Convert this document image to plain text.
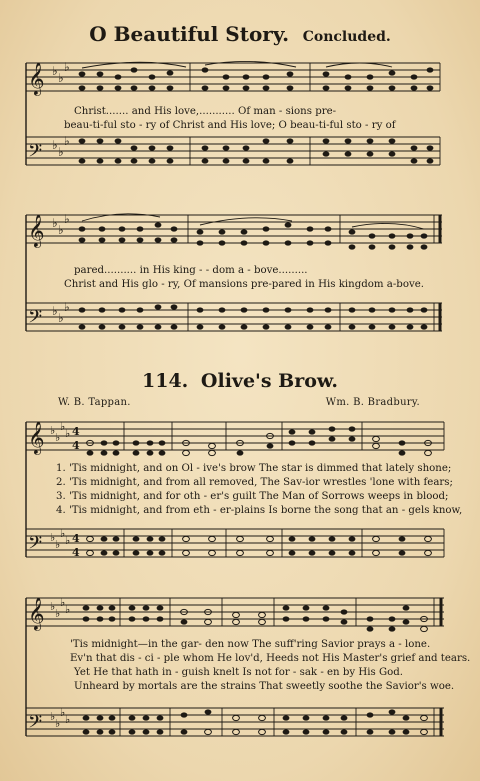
O Beautiful Story. Concluded.
𝄞
𝄢
♭ ♭
♭
♭ ♭
♭
Christ....... and His love,........... Of man - sions pre-
beau-ti-ful sto - ry of Christ and His love; O beau-ti-ful sto - ry of
𝄞
𝄢
♭ ♭
♭
♭ ♭
♭
pared.......... in His king - - dom a - bove.........
Christ and His glo - ry, Of mansions pre-pared in His kingdom a-bove.
114. Olive's Brow.
W. B. Tappan.	Wm. B. Bradbury.
𝄞
𝄢
♭
♭
♭
♭
♭
♭
♭
♭
4
4
4
4
1. 'Tis midnight, and on Ol - ive's brow The star is dimmed that lately shone;
2. 'Tis midnight, and from all removed, The Sav-ior wrestles 'lone with fears;
3. 'Tis midnight, and for oth - er's guilt The Man of Sorrows weeps in blood;
4. 'Tis midnight, and from eth - er-plains Is borne the song that an - gels know,
𝄞
𝄢
♭
♭
♭
♭
♭
♭
♭
♭
'Tis midnight—in the gar- den now The suff'ring Savior prays a - lone.
Ev'n that dis - ci - ple whom He lov'd, Heeds not His Master's grief and tears.
Yet He that hath in - guish knelt Is not for - sak - en by His God.
Unheard by mortals are the strains That sweetly soothe the Savior's woe.
